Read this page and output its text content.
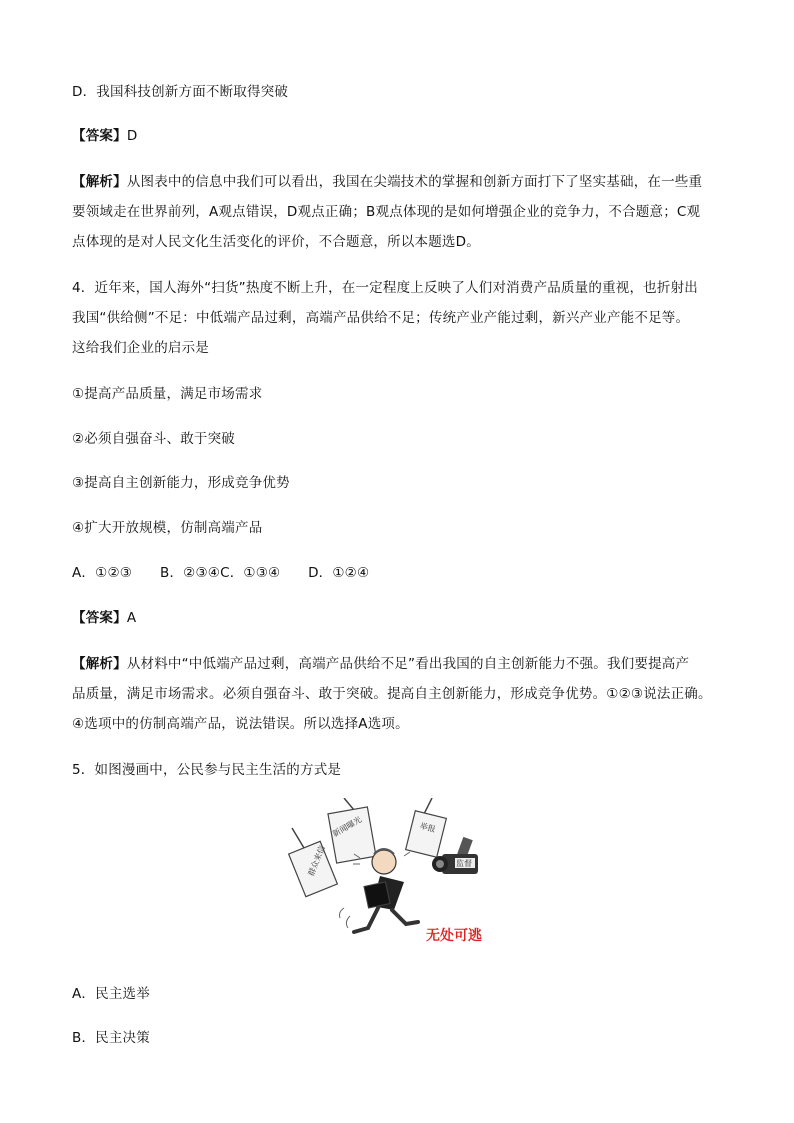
D．我国科技创新方面不断取得突破
【答案】D
【解析】从图表中的信息中我们可以看出，我国在尖端技术的掌握和创新方面打下了坚实基础，在一些重
要领域走在世界前列，A观点错误，D观点正确；B观点体现的是如何增强企业的竞争力，不合题意；C观
点体现的是对人民文化生活变化的评价，不合题意，所以本题选D。
4．近年来，国人海外“扫货”热度不断上升，在一定程度上反映了人们对消费产品质量的重视，也折射出
我国“供给侧”不足：中低端产品过剩，高端产品供给不足；传统产业产能过剩，新兴产业产能不足等。
这给我们企业的启示是
①提高产品质量，满足市场需求
②必须自强奋斗、敢于突破
③提高自主创新能力，形成竞争优势
④扩大开放规模，仿制高端产品
A．①②③ B．②③④C．①③④ D．①②④
【答案】A
【解析】从材料中“中低端产品过剩，高端产品供给不足”看出我国的自主创新能力不强。我们要提高产
品质量，满足市场需求。必须自强奋斗、敢于突破。提高自主创新能力，形成竞争优势。①②③说法正确。
④选项中的仿制高端产品，说法错误。所以选择A选项。
5．如图漫画中，公民参与民主生活的方式是
群众来信
新闻曝光	举报
监督
无处可逃
A．民主选举
B．民主决策
